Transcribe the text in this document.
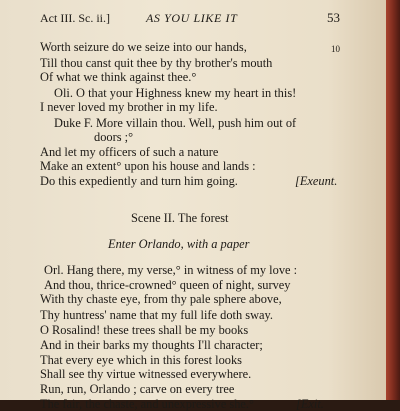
Act III. Sc. ii.]	AS YOU LIKE IT	53
10
Worth seizure do we seize into our hands,
Till thou canst quit thee by thy brother's mouth
Of what we think against thee.°
Oli. O that your Highness knew my heart in this!
I never loved my brother in my life.
Duke F. More villain thou. Well, push him out of
doors ;°
And let my officers of such a nature
Make an extent° upon his house and lands :
Do this expediently and turn him going.	[Exeunt.
Scene II. The forest
Enter Orlando, with a paper
Orl. Hang there, my verse,° in witness of my love :
And thou, thrice-crowned° queen of night, survey
With thy chaste eye, from thy pale sphere above,
Thy huntress' name that my full life doth sway.
O Rosalind! these trees shall be my books
And in their barks my thoughts I'll character;
That every eye which in this forest looks
Shall see thy virtue witnessed everywhere.
Run, run, Orlando ; carve on every tree
The fair, the chaste, and unexpressive she.°	[Exit.
